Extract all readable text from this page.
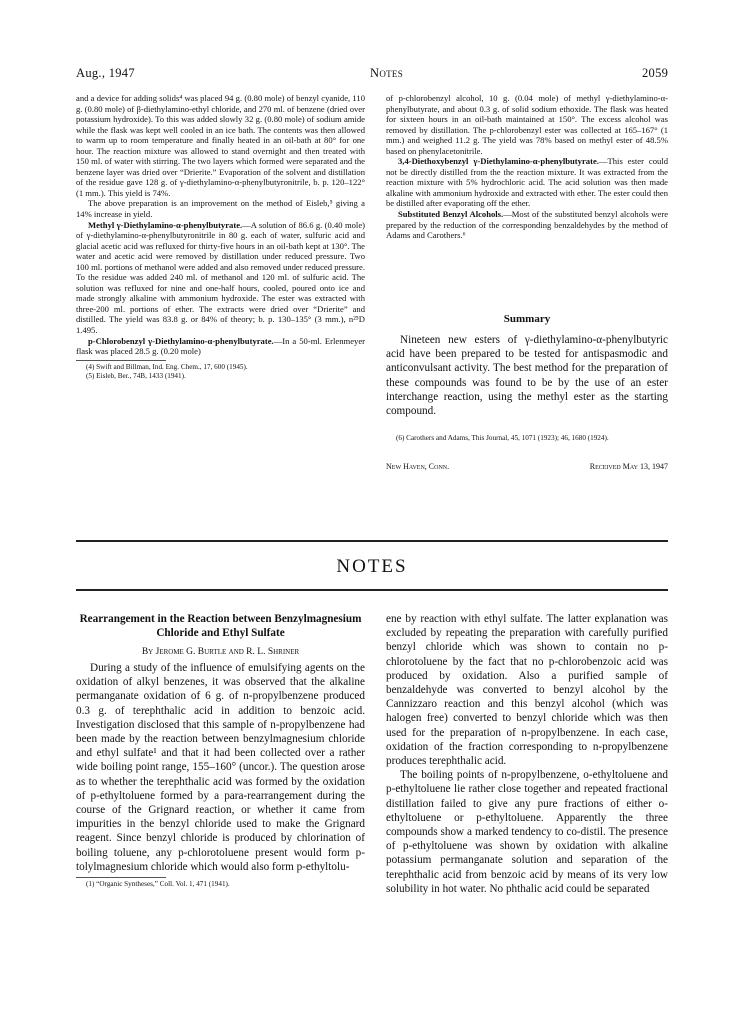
Aug., 1947	Notes	2059

and a device for adding solids⁴ was placed 94 g. (0.80 mole) of benzyl cyanide, 110 g. (0.80 mole) of β-diethylamino-ethyl chloride, and 270 ml. of benzene (dried over potassium hydroxide). To this was added slowly 32 g. (0.80 mole) of sodium amide while the flask was kept well cooled in an ice bath. The contents was then allowed to warm up to room temperature and finally heated in an oil-bath at 80° for one hour. The reaction mixture was allowed to stand overnight and then treated with 150 ml. of water with stirring. The two layers which formed were separated and the benzene layer was dried over “Drierite.” Evaporation of the solvent and distillation of the residue gave 128 g. of γ-diethylamino-α-phenylbutyronitrile, b. p. 120–122° (1 mm.). This yield is 74%.

The above preparation is an improvement on the method of Eisleb,⁵ giving a 14% increase in yield.

Methyl γ-Diethylamino-α-phenylbutyrate.—A solution of 86.6 g. (0.40 mole) of γ-diethylamino-α-phenylbutyronitrile in 80 g. each of water, sulfuric acid and glacial acetic acid was refluxed for thirty-five hours in an oil-bath kept at 130°. The water and acetic acid were removed by distillation under reduced pressure. Two 100 ml. portions of methanol were added and also removed under reduced pressure. To the residue was added 240 ml. of methanol and 120 ml. of sulfuric acid. The solution was refluxed for nine and one-half hours, cooled, poured onto ice and made strongly alkaline with ammonium hydroxide. The ester was extracted with three-200 ml. portions of ether. The extracts were dried over “Drierite” and distilled. The yield was 83.8 g. or 84% of theory; b. p. 130–135° (3 mm.), n²⁵D 1.495.

p-Chlorobenzyl γ-Diethylamino-α-phenylbutyrate.—In a 50-ml. Erlenmeyer flask was placed 28.5 g. (0.20 mole)

(4) Swift and Billman, Ind. Eng. Chem., 17, 600 (1945).

(5) Eisleb, Ber., 74B, 1433 (1941).

of p-chlorobenzyl alcohol, 10 g. (0.04 mole) of methyl γ-diethylamino-α-phenylbutyrate, and about 0.3 g. of solid sodium ethoxide. The flask was heated for sixteen hours in an oil-bath maintained at 150°. The excess alcohol was removed by distillation. The p-chlorobenzyl ester was collected at 165–167° (1 mm.) and weighed 11.2 g. The yield was 78% based on methyl ester of 48.5% based on phenylacetonitrile.

3,4-Diethoxybenzyl γ-Diethylamino-α-phenylbutyrate.—This ester could not be directly distilled from the the reaction mixture. It was extracted from the reaction mixture with 5% hydrochloric acid. The acid solution was then made alkaline with ammonium hydroxide and extracted with ether. The ester could then be distilled after evaporating off the ether.

Substituted Benzyl Alcohols.—Most of the substituted benzyl alcohols were prepared by the reduction of the corresponding benzaldehydes by the method of Adams and Carothers.⁶

Summary

Nineteen new esters of γ-diethylamino-α-phenylbutyric acid have been prepared to be tested for antispasmodic and anticonvulsant activity. The best method for the preparation of these compounds was found to be by the use of an ester interchange reaction, using the methyl ester as the starting compound.

(6) Carothers and Adams, This Journal, 45, 1071 (1923); 46, 1680 (1924).

New Haven, Conn.	Received May 13, 1947
NOTES
Rearrangement in the Reaction between Benzylmagnesium Chloride and Ethyl Sulfate
By Jerome G. Burtle and R. L. Shriner

During a study of the influence of emulsifying agents on the oxidation of alkyl benzenes, it was observed that the alkaline permanganate oxidation of 6 g. of n-propylbenzene produced 0.3 g. of terephthalic acid in addition to benzoic acid. Investigation disclosed that this sample of n-propylbenzene had been made by the reaction between benzylmagnesium chloride and ethyl sulfate¹ and that it had been collected over a rather wide boiling point range, 155–160° (uncor.). The question arose as to whether the terephthalic acid was formed by the oxidation of p-ethyltoluene formed by a para-rearrangement during the course of the Grignard reaction, or whether it came from impurities in the benzyl chloride used to make the Grignard reagent. Since benzyl chloride is produced by chlorination of boiling toluene, any p-chlorotoluene present would form p-tolylmagnesium chloride which would also form p-ethyltolu-

(1) “Organic Syntheses,” Coll. Vol. 1, 471 (1941).

ene by reaction with ethyl sulfate. The latter explanation was excluded by repeating the preparation with carefully purified benzyl chloride which was shown to contain no p-chlorotoluene by the fact that no p-chlorobenzoic acid was produced by oxidation. Also a purified sample of benzaldehyde was converted to benzyl alcohol by the Cannizzaro reaction and this benzyl alcohol (which was halogen free) converted to benzyl chloride which was then used for the preparation of n-propylbenzene. In each case, oxidation of the fraction corresponding to n-propylbenzene produces terephthalic acid.

The boiling points of n-propylbenzene, o-ethyltoluene and p-ethyltoluene lie rather close together and repeated fractional distillation failed to give any pure fractions of either o-ethyltoluene or p-ethyltoluene. Apparently the three compounds show a marked tendency to co-distil. The presence of p-ethyltoluene was shown by oxidation with alkaline potassium permanganate solution and separation of the terephthalic acid from benzoic acid by means of its very low solubility in hot water. No phthalic acid could be separated
